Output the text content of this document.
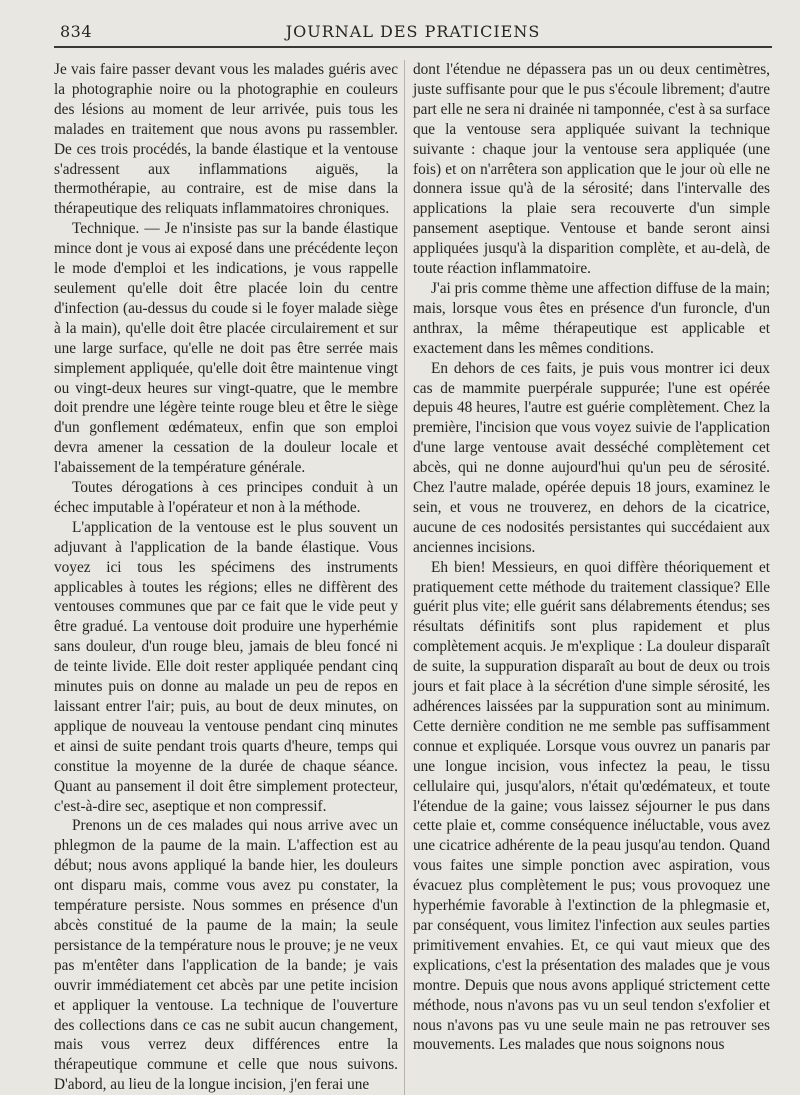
834	JOURNAL DES PRATICIENS

Je vais faire passer devant vous les malades guéris avec la photographie noire ou la photographie en couleurs des lésions au moment de leur arrivée, puis tous les malades en traitement que nous avons pu rassembler. De ces trois procédés, la bande élastique et la ventouse s'adressent aux inflammations aiguës, la thermothérapie, au contraire, est de mise dans la thérapeutique des reliquats inflammatoires chroniques.

Technique. — Je n'insiste pas sur la bande élastique mince dont je vous ai exposé dans une précédente leçon le mode d'emploi et les indications, je vous rappelle seulement qu'elle doit être placée loin du centre d'infection (au-dessus du coude si le foyer malade siège à la main), qu'elle doit être placée circulairement et sur une large surface, qu'elle ne doit pas être serrée mais simplement appliquée, qu'elle doit être maintenue vingt ou vingt-deux heures sur vingt-quatre, que le membre doit prendre une légère teinte rouge bleu et être le siège d'un gonflement œdémateux, enfin que son emploi devra amener la cessation de la douleur locale et l'abaissement de la température générale.

Toutes dérogations à ces principes conduit à un échec imputable à l'opérateur et non à la méthode.

L'application de la ventouse est le plus souvent un adjuvant à l'application de la bande élastique. Vous voyez ici tous les spécimens des instruments applicables à toutes les régions; elles ne diffèrent des ventouses communes que par ce fait que le vide peut y être gradué. La ventouse doit produire une hyperhémie sans douleur, d'un rouge bleu, jamais de bleu foncé ni de teinte livide. Elle doit rester appliquée pendant cinq minutes puis on donne au malade un peu de repos en laissant entrer l'air; puis, au bout de deux minutes, on applique de nouveau la ventouse pendant cinq minutes et ainsi de suite pendant trois quarts d'heure, temps qui constitue la moyenne de la durée de chaque séance. Quant au pansement il doit être simplement protecteur, c'est-à-dire sec, aseptique et non compressif.

Prenons un de ces malades qui nous arrive avec un phlegmon de la paume de la main. L'affection est au début; nous avons appliqué la bande hier, les douleurs ont disparu mais, comme vous avez pu constater, la température persiste. Nous sommes en présence d'un abcès constitué de la paume de la main; la seule persistance de la température nous le prouve; je ne veux pas m'entêter dans l'application de la bande; je vais ouvrir immédiatement cet abcès par une petite incision et appliquer la ventouse. La technique de l'ouverture des collections dans ce cas ne subit aucun changement, mais vous verrez deux différences entre la thérapeutique commune et celle que nous suivons. D'abord, au lieu de la longue incision, j'en ferai une

dont l'étendue ne dépassera pas un ou deux centimètres, juste suffisante pour que le pus s'écoule librement; d'autre part elle ne sera ni drainée ni tamponnée, c'est à sa surface que la ventouse sera appliquée suivant la technique suivante : chaque jour la ventouse sera appliquée (une fois) et on n'arrêtera son application que le jour où elle ne donnera issue qu'à de la sérosité; dans l'intervalle des applications la plaie sera recouverte d'un simple pansement aseptique. Ventouse et bande seront ainsi appliquées jusqu'à la disparition complète, et au-delà, de toute réaction inflammatoire.

J'ai pris comme thème une affection diffuse de la main; mais, lorsque vous êtes en présence d'un furoncle, d'un anthrax, la même thérapeutique est applicable et exactement dans les mêmes conditions.

En dehors de ces faits, je puis vous montrer ici deux cas de mammite puerpérale suppurée; l'une est opérée depuis 48 heures, l'autre est guérie complètement. Chez la première, l'incision que vous voyez suivie de l'application d'une large ventouse avait desséché complètement cet abcès, qui ne donne aujourd'hui qu'un peu de sérosité. Chez l'autre malade, opérée depuis 18 jours, examinez le sein, et vous ne trouverez, en dehors de la cicatrice, aucune de ces nodosités persistantes qui succédaient aux anciennes incisions.

Eh bien! Messieurs, en quoi diffère théoriquement et pratiquement cette méthode du traitement classique? Elle guérit plus vite; elle guérit sans délabrements étendus; ses résultats définitifs sont plus rapidement et plus complètement acquis. Je m'explique : La douleur disparaît de suite, la suppuration disparaît au bout de deux ou trois jours et fait place à la sécrétion d'une simple sérosité, les adhérences laissées par la suppuration sont au minimum. Cette dernière condition ne me semble pas suffisamment connue et expliquée. Lorsque vous ouvrez un panaris par une longue incision, vous infectez la peau, le tissu cellulaire qui, jusqu'alors, n'était qu'œdémateux, et toute l'étendue de la gaine; vous laissez séjourner le pus dans cette plaie et, comme conséquence inéluctable, vous avez une cicatrice adhérente de la peau jusqu'au tendon. Quand vous faites une simple ponction avec aspiration, vous évacuez plus complètement le pus; vous provoquez une hyperhémie favorable à l'extinction de la phlegmasie et, par conséquent, vous limitez l'infection aux seules parties primitivement envahies. Et, ce qui vaut mieux que des explications, c'est la présentation des malades que je vous montre. Depuis que nous avons appliqué strictement cette méthode, nous n'avons pas vu un seul tendon s'exfolier et nous n'avons pas vu une seule main ne pas retrouver ses mouvements. Les malades que nous soignons nous
